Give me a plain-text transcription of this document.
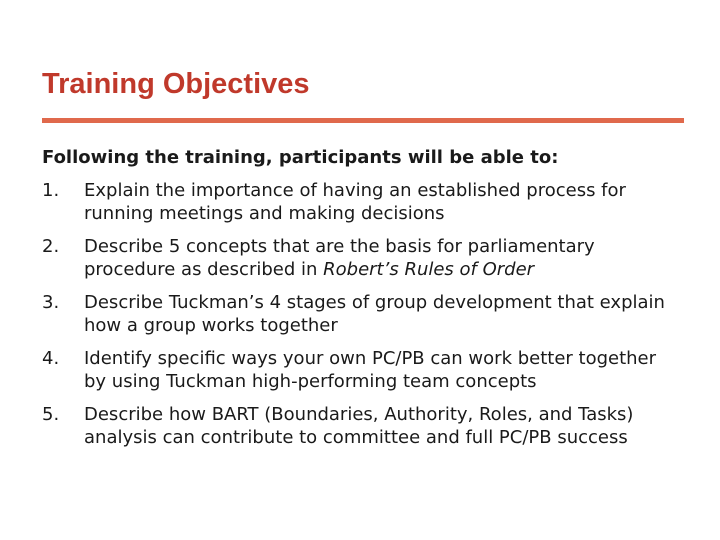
Training Objectives

Following the training, participants will be able to:

1.	Explain the importance of having an established process for running meetings and making decisions
2.	Describe 5 concepts that are the basis for parliamentary procedure as described in Robert’s Rules of Order
3.	Describe Tuckman’s 4 stages of group development that explain how a group works together
4.	Identify specific ways your own PC/PB can work better together by using Tuckman high-performing team concepts
5.	Describe how BART (Boundaries, Authority, Roles, and Tasks) analysis can contribute to committee and full PC/PB success
